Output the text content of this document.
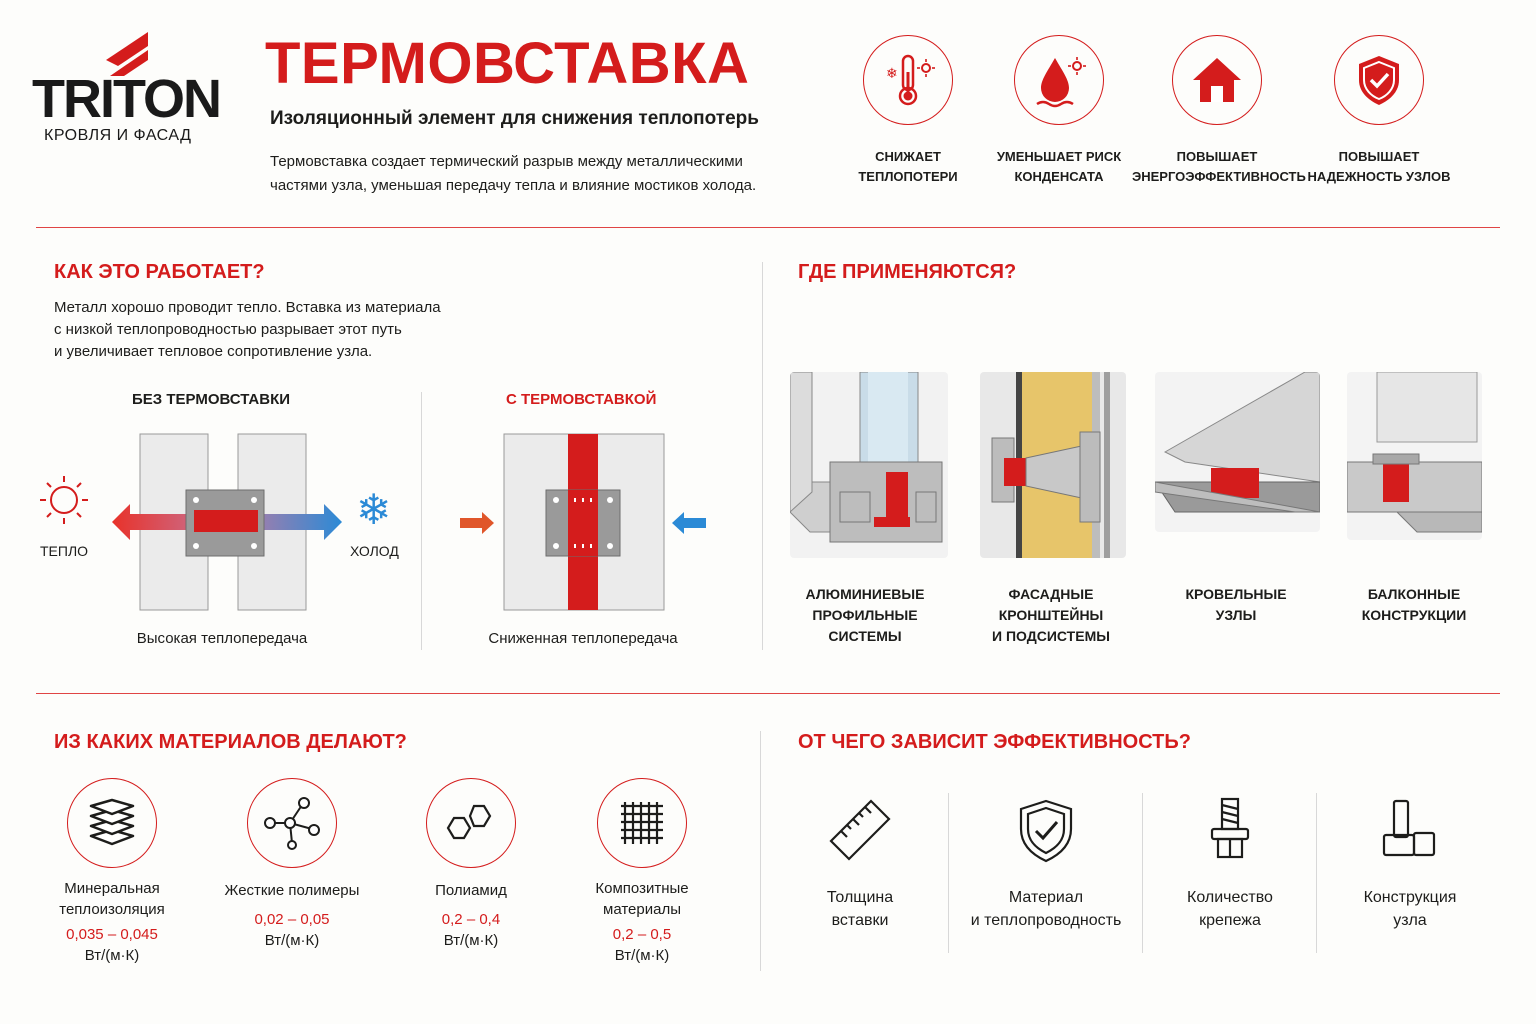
TRITON
КРОВЛЯ И ФАСАД
ТЕРМОВСТАВКА
Изоляционный элемент для снижения теплопотерь
Термовставка создает термический разрыв между металлическими
частями узла, уменьшая передачу тепла и влияние мостиков холода.
❄
СНИЖАЕТ
ТЕПЛОПОТЕРИ
УМЕНЬШАЕТ РИСК
КОНДЕНСАТА
ПОВЫШАЕТ
ЭНЕРГОЭФФЕКТИВНОСТЬ
ПОВЫШАЕТ
НАДЕЖНОСТЬ УЗЛОВ
КАК ЭТО РАБОТАЕТ?
Металл хорошо проводит тепло. Вставка из материала
с низкой теплопроводностью разрывает этот путь
и увеличивает тепловое сопротивление узла.
БЕЗ ТЕРМОВСТАВКИ	С ТЕРМОВСТАВКОЙ
❄
ТЕПЛО	ХОЛОД
Высокая теплопередача	Сниженная теплопередача
ГДЕ ПРИМЕНЯЮТСЯ?
АЛЮМИНИЕВЫЕ
ПРОФИЛЬНЫЕ СИСТЕМЫ
ФАСАДНЫЕ
КРОНШТЕЙНЫ
И ПОДСИСТЕМЫ
КРОВЕЛЬНЫЕ
УЗЛЫ
БАЛКОННЫЕ
КОНСТРУКЦИИ
ИЗ КАКИХ МАТЕРИАЛОВ ДЕЛАЮТ?
Минеральная
теплоизоляция
0,035 – 0,045
Вт/(м·К)
Жесткие полимеры
0,02 – 0,05
Вт/(м·К)
Полиамид
0,2 – 0,4
Вт/(м·К)
Композитные
материалы
0,2 – 0,5
Вт/(м·К)
ОТ ЧЕГО ЗАВИСИТ ЭФФЕКТИВНОСТЬ?
Толщина
вставки
Материал
и теплопроводность
Количество
крепежа
Конструкция
узла
